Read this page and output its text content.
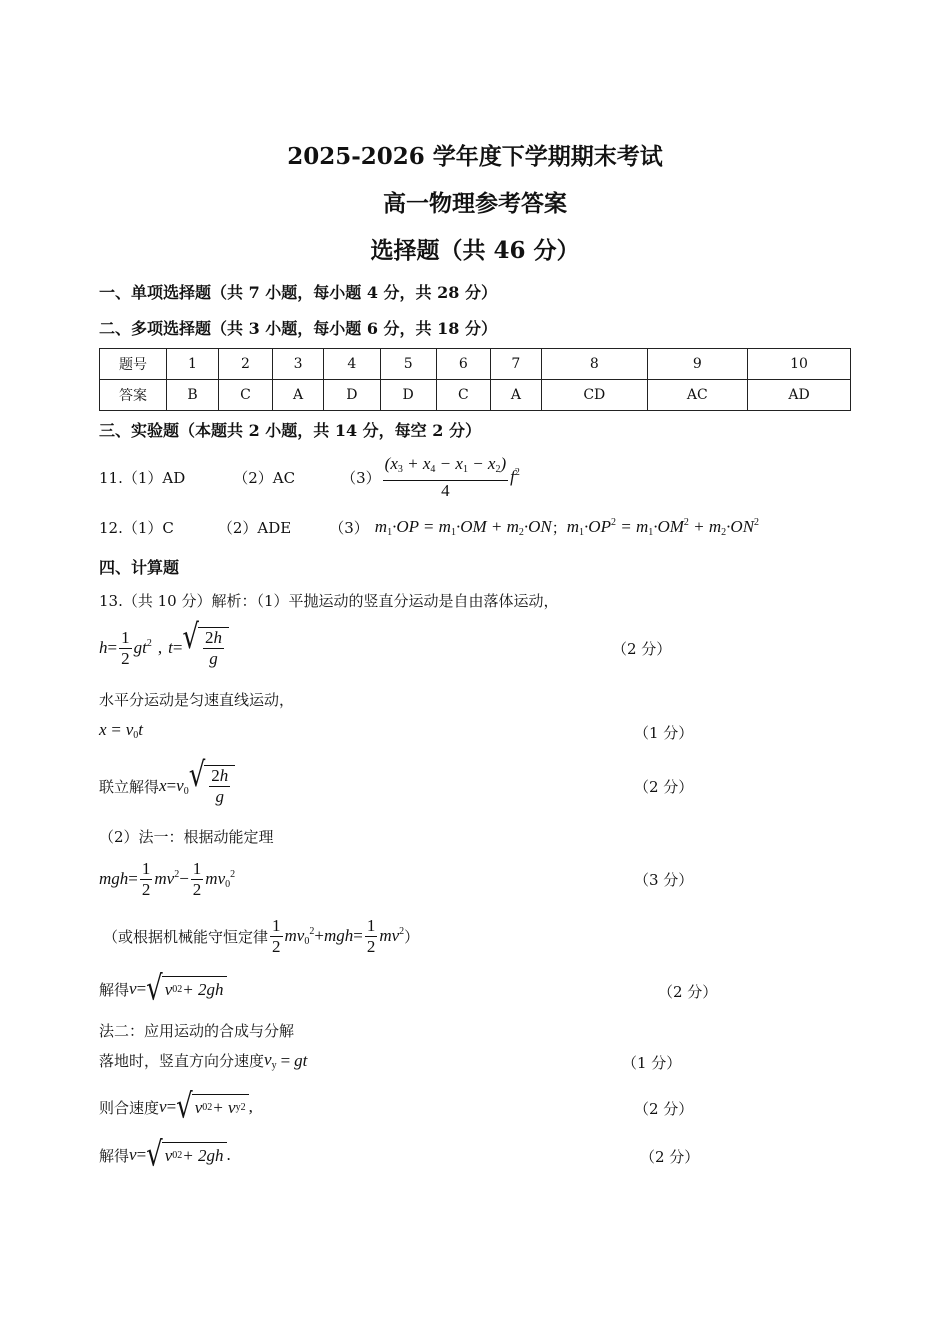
2025-2026 学年度下学期期末考试
高一物理参考答案
选择题（共 46 分）
一、单项选择题（共 7 小题，每小题 4 分，共 28 分）
二、多项选择题（共 3 小题，每小题 6 分，共 18 分）
题号	1	2	3	4	5	6	7	8	9	10
答案	B	C	A	D	D	C	A	CD	AC	AD
三、实验题（本题共 2 小题，共 14 分，每空 2 分）
11.（1）AD	（2）AC	$(3) \frac{(x_3 + x_4 - x_1 - x_2)}{4} f^2$
12.（1）C	（2）ADE	（3） $m_1\cdot OP = m_1\cdot OM + m_2\cdot ON$ ； $m_1\cdot OP^2 = m_1\cdot OM^2 + m_2\cdot ON^2$
四、计算题
13.（共 10 分）解析：（1）平抛运动的竖直分运动是自由落体运动，
$h = \frac{1}{2} gt^2$ , t = √ $\frac{2h}{g}$	（2 分）
水平分运动是匀速直线运动，
$x = v_0t$	（1 分）
联立解得 $x = v_0$ √ $\frac{2h}{g}$	（2 分）
（2）法一：根据动能定理
mgh = $\frac{1}{2} mv^2 - \frac{1}{2} mv_0^2$	（3 分）
（或根据机械能守恒定律 $\frac{1}{2} mv_0^2$ + mgh = $\frac{1}{2} mv^2$ ）
解得 v = √ v 0 2 + 2gh	（2 分）
法二：应用运动的合成与分解
落地时，竖直方向分速度 $v_y$ = gt	（1 分）
则合速度 v = √ v 0 2 + v y 2 ,	（2 分）
解得 v = √ v 0 2 + 2gh .	（2 分）
